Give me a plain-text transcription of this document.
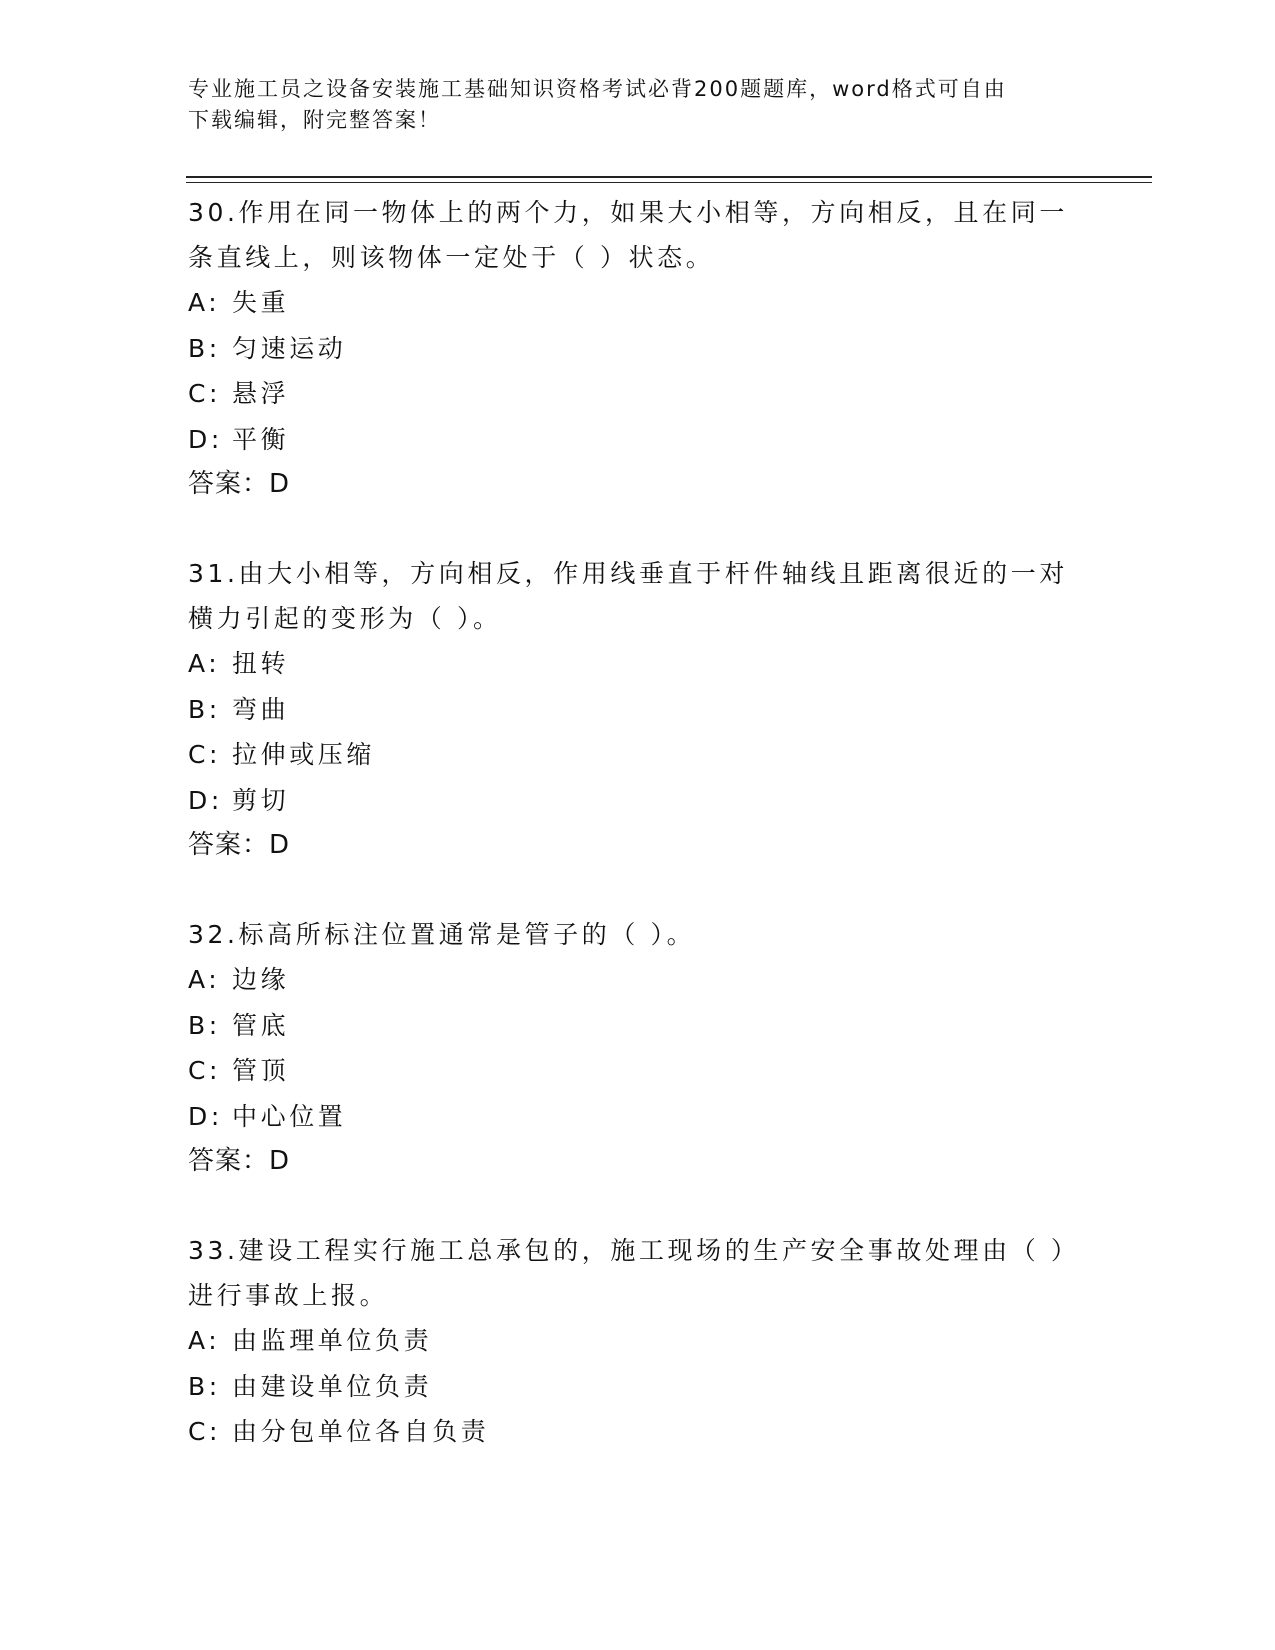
专业施工员之设备安装施工基础知识资格考试必背200题题库，word格式可自由
下载编辑，附完整答案！
30.作用在同一物体上的两个力，如果大小相等，方向相反，且在同一条直线上，则该物体一定处于（ ）状态。
A: 失重
B: 匀速运动
C: 悬浮
D: 平衡
答案：D
31.由大小相等，方向相反，作用线垂直于杆件轴线且距离很近的一对横力引起的变形为（ ）。
A: 扭转
B: 弯曲
C: 拉伸或压缩
D: 剪切
答案：D
32.标高所标注位置通常是管子的（ ）。
A: 边缘
B: 管底
C: 管顶
D: 中心位置
答案：D
33.建设工程实行施工总承包的，施工现场的生产安全事故处理由（ ）进行事故上报。
A: 由监理单位负责
B: 由建设单位负责
C: 由分包单位各自负责
